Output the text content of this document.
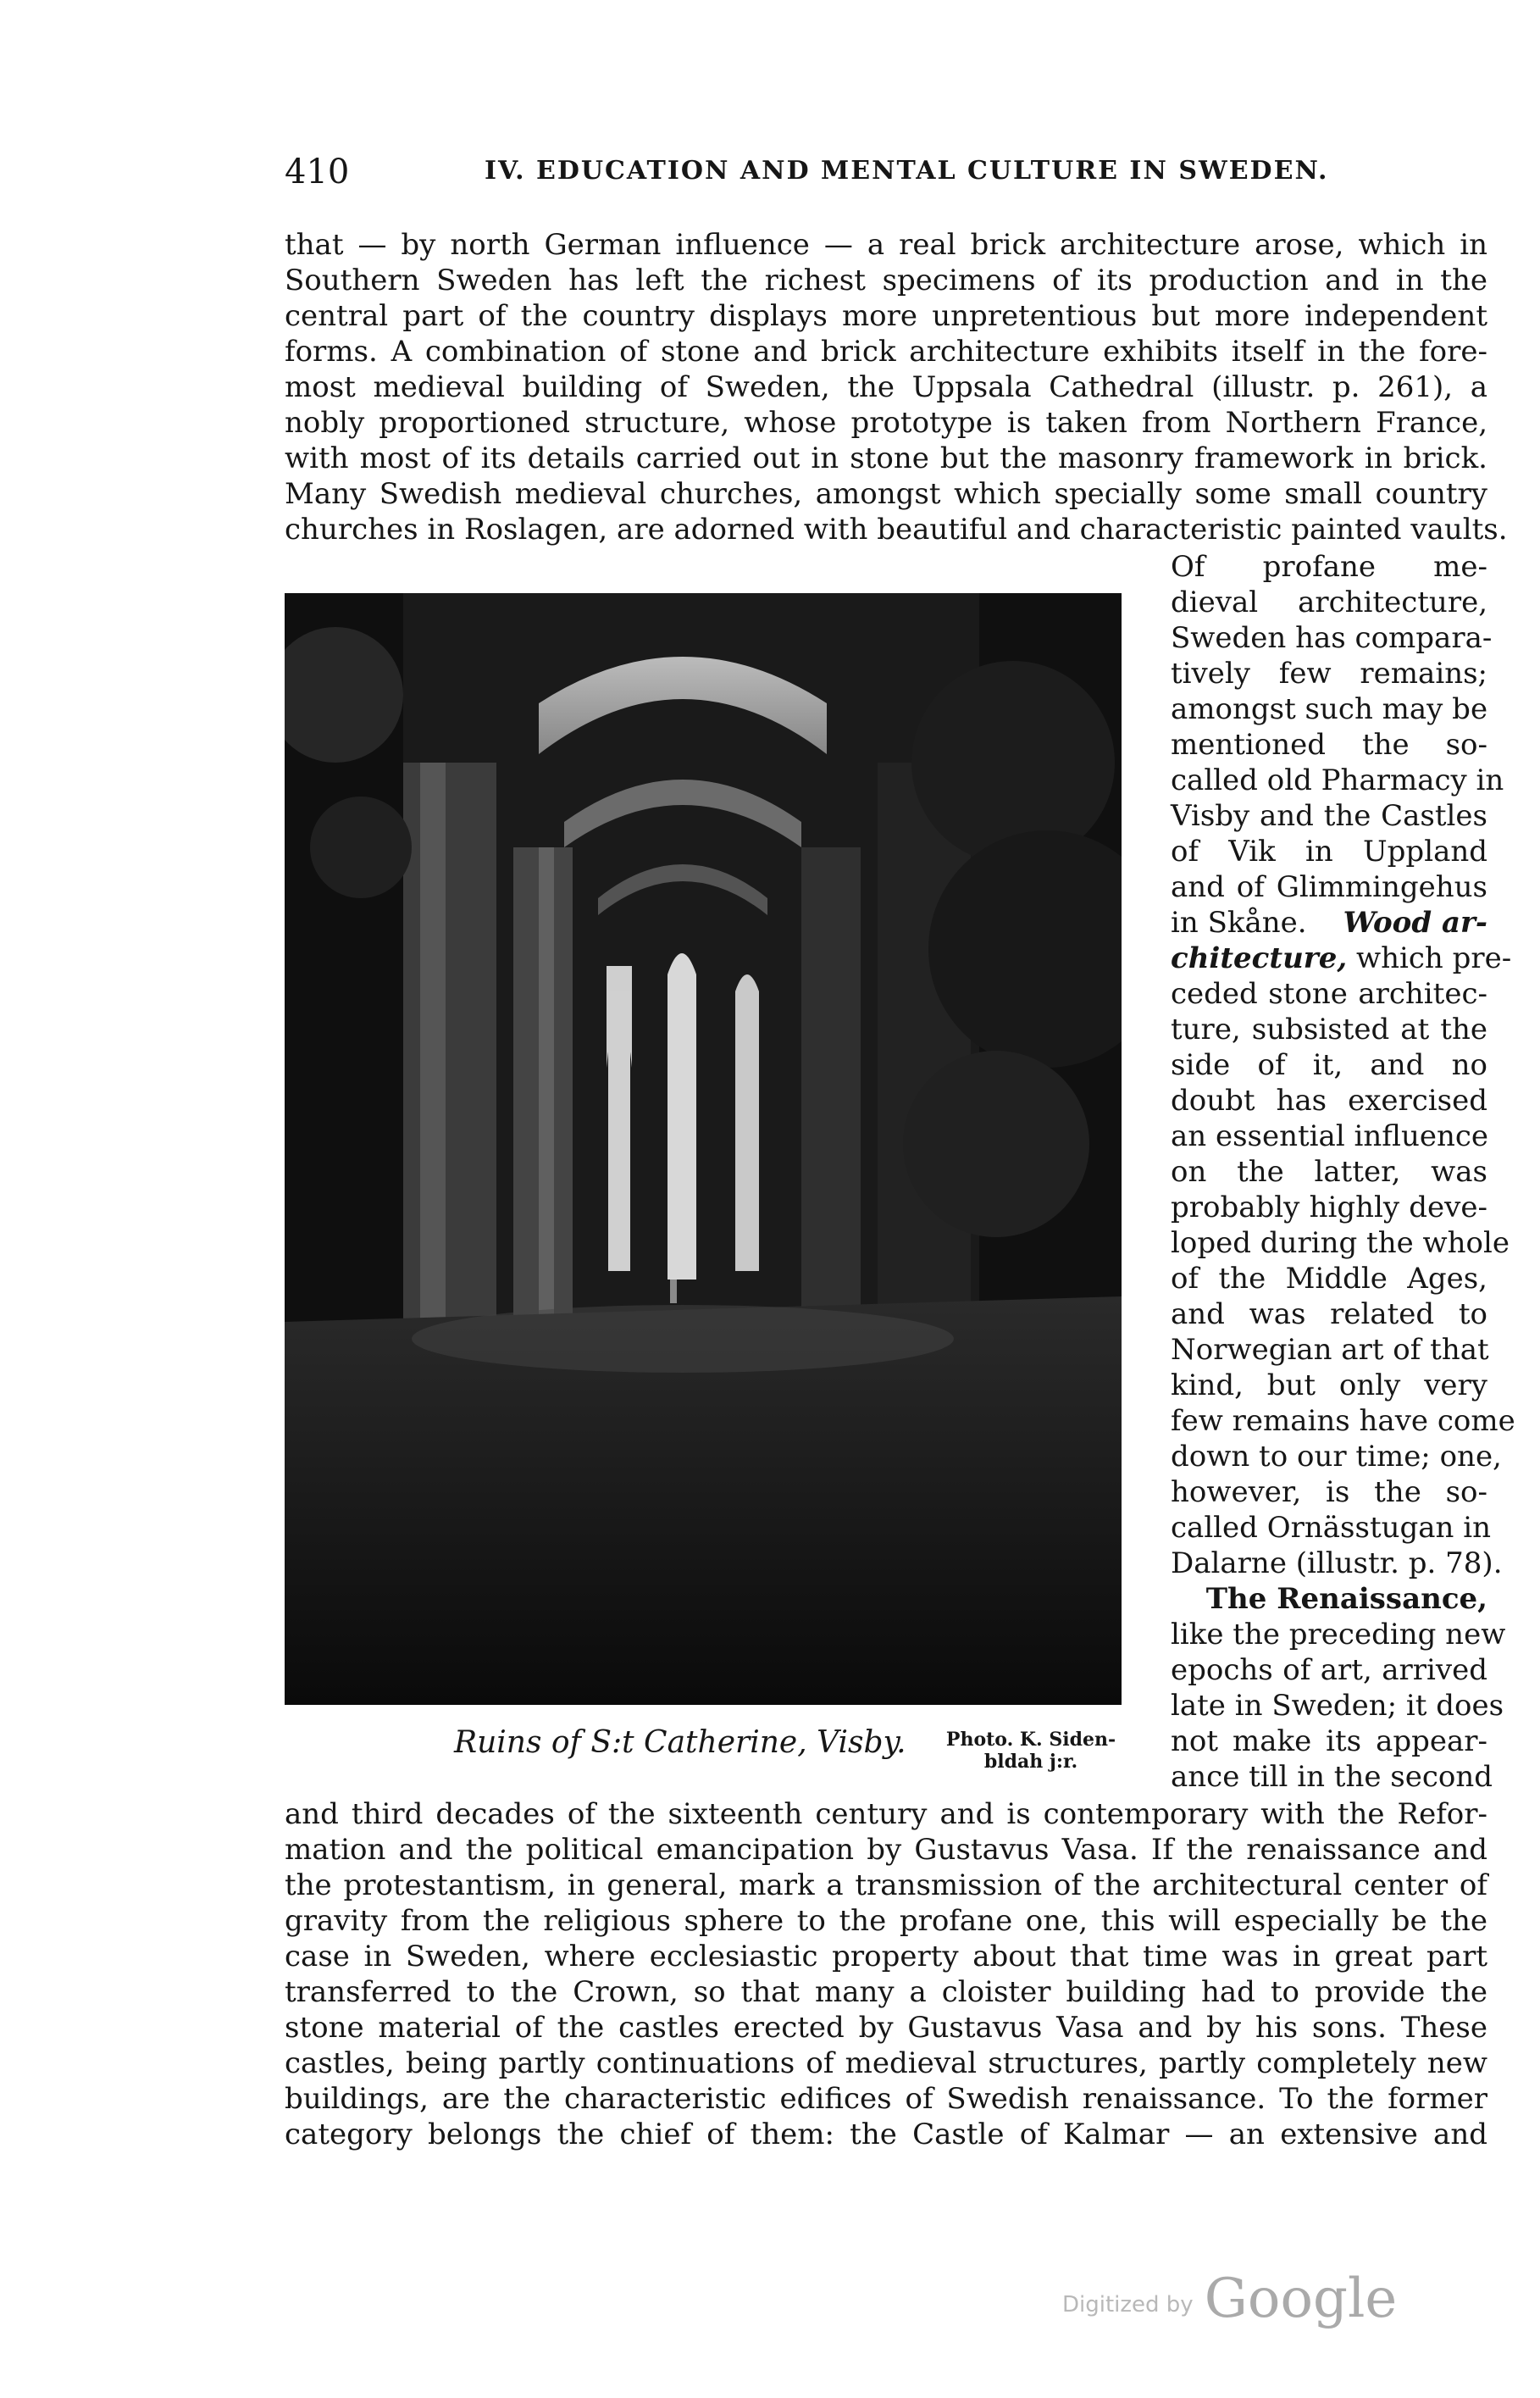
410	IV. EDUCATION AND MENTAL CULTURE IN SWEDEN.
that — by north German influence — a real brick architecture arose, which in
Southern Sweden has left the richest specimens of its production and in the
central part of the country displays more unpretentious but more independent
forms. A combination of stone and brick architecture exhibits itself in the fore-
most medieval building of Sweden, the Uppsala Cathedral (illustr. p. 261), a
nobly proportioned structure, whose prototype is taken from Northern France,
with most of its details carried out in stone but the masonry framework in brick.
Many Swedish medieval churches, amongst which specially some small country
churches in Roslagen, are adorned with beautiful and characteristic painted vaults.
Of profane me-
dieval architecture,
Sweden has compara-
tively few remains;
amongst such may be
mentioned the so-
called old Pharmacy in
Visby and the Castles
of Vik in Uppland
and of Glimmingehus
in Skåne. Wood ar-
chitecture, which pre-
ceded stone architec-
ture, subsisted at the
side of it, and no
doubt has exercised
an essential influence
on the latter, was
probably highly deve-
loped during the whole
of the Middle Ages,
and was related to
Norwegian art of that
kind, but only very
few remains have come
down to our time; one,
however, is the so-
called Ornässtugan in
Dalarne (illustr. p. 78).
The Renaissance,
like the preceding new
epochs of art, arrived
late in Sweden; it does
not make its appear-
ance till in the second
Ruins of S:t Catherine, Visby.	Photo. K. Siden-
bldah j:r.
and third decades of the sixteenth century and is contemporary with the Refor-
mation and the political emancipation by Gustavus Vasa. If the renaissance and
the protestantism, in general, mark a transmission of the architectural center of
gravity from the religious sphere to the profane one, this will especially be the
case in Sweden, where ecclesiastic property about that time was in great part
transferred to the Crown, so that many a cloister building had to provide the
stone material of the castles erected by Gustavus Vasa and by his sons. These
castles, being partly continuations of medieval structures, partly completely new
buildings, are the characteristic edifices of Swedish renaissance. To the former
category belongs the chief of them: the Castle of Kalmar — an extensive and
Digitized by Google
